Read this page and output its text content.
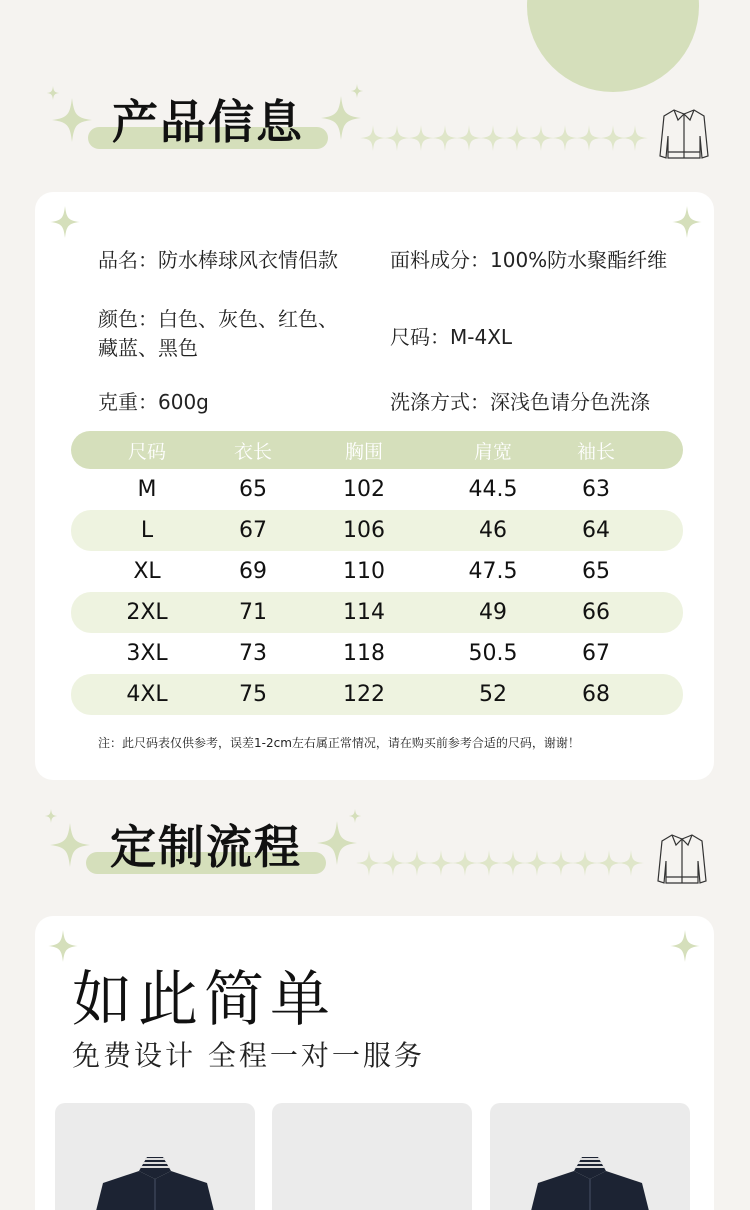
产品信息
品名：防水棒球风衣情侣款	面料成分：100%防水聚酯纤维
颜色：白色、灰色、红色、
藏蓝、黑色	尺码：M-4XL
克重：600g	洗涤方式：深浅色请分色洗涤
尺码	衣长	胸围	肩宽	袖长
M	65	102	44.5	63
L	67	106	46	64
XL	69	110	47.5	65
2XL	71	114	49	66
3XL	73	118	50.5	67
4XL	75	122	52	68
注：此尺码表仅供参考，误差1-2cm左右属正常情况，请在购买前参考合适的尺码，谢谢！
定制流程
如此简单
免费设计 全程一对一服务
